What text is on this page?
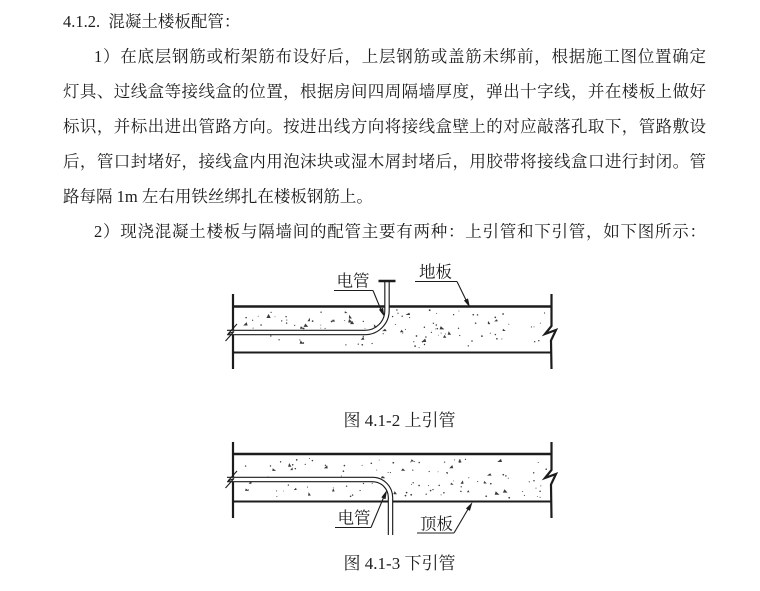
4.1.2.  混凝土楼板配管：
1）在底层钢筋或桁架筋布设好后，上层钢筋或盖筋未绑前，根据施工图位置确定
灯具、过线盒等接线盒的位置，根据房间四周隔墙厚度，弹出十字线，并在楼板上做好
标识，并标出进出管路方向。按进出线方向将接线盒壁上的对应敲落孔取下，管路敷设
后，管口封堵好，接线盒内用泡沫块或湿木屑封堵后，用胶带将接线盒口进行封闭。管
路每隔 1m 左右用铁丝绑扎在楼板钢筋上。
2）现浇混凝土楼板与隔墙间的配管主要有两种：上引管和下引管，如下图所示：
电管	地板
图 4.1-2 上引管
电管	顶板
图 4.1-3 下引管
